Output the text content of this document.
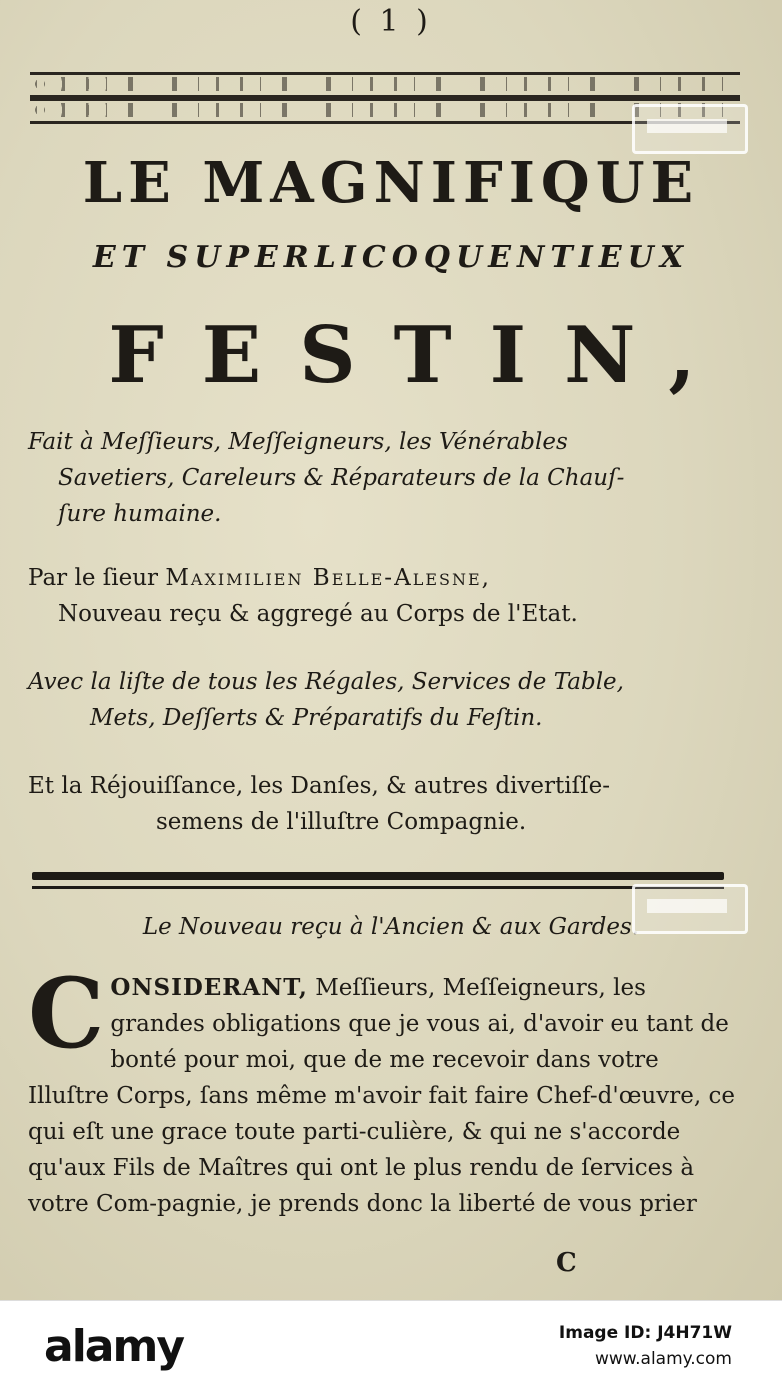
( 1 )
LE MAGNIFIQUE
ET SUPERLICOQUENTIEUX
FESTIN,
Fait à Meſſieurs, Meſſeigneurs, les Vénérables
Savetiers, Careleurs & Réparateurs de la Chauſ-
ſure humaine.
Par le ſieur Maximilien Belle-Alesne,
Nouveau reçu & aggregé au Corps de l'Etat.
Avec la liſte de tous les Régales, Services de Table,
Mets, Deſſerts & Préparatifs du Feſtin.
Et la Réjouiſſance, les Danſes, & autres divertiſſe-
semens de l'illuſtre Compagnie.
Le Nouveau reçu à l'Ancien & aux Gardes.
CONSIDERANT, Meſſieurs, Meſſeigneurs, les grandes obligations que je vous ai, d'avoir eu tant de bonté pour moi, que de me recevoir dans votre Illuſtre Corps, ſans même m'avoir fait faire Chef-d'œuvre, ce qui eſt une grace toute parti-culière, & qui ne s'accorde qu'aux Fils de Maîtres qui ont le plus rendu de ſervices à votre Com-pagnie, je prends donc la liberté de vous prier
C
alamy	Image ID: J4H71W
www.alamy.com
